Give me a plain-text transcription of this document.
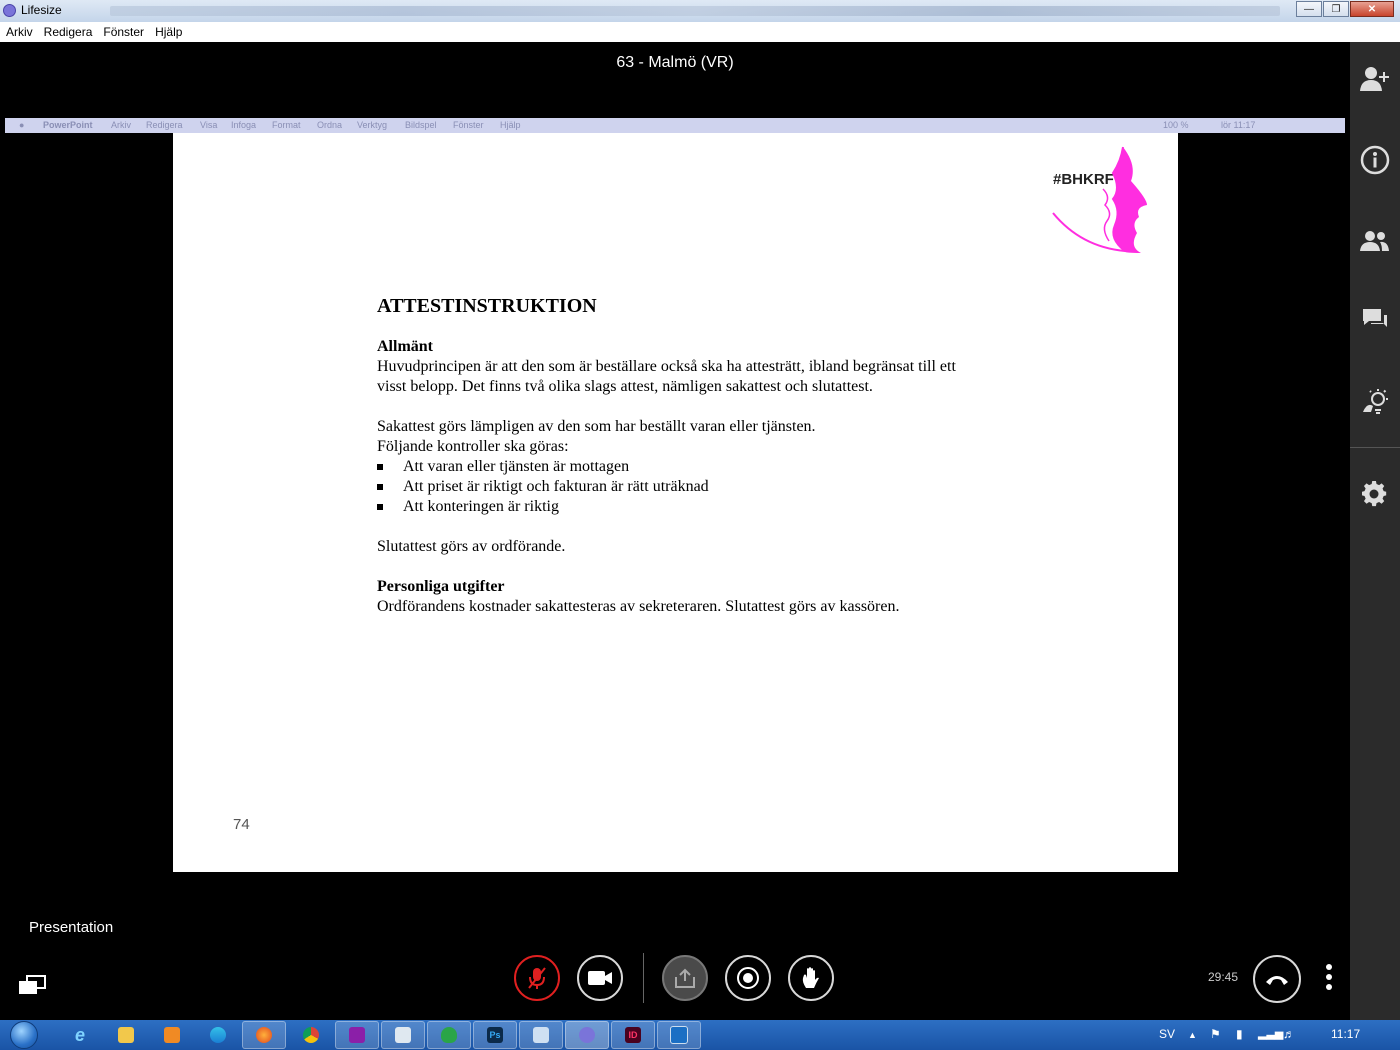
Lifesize	—	❐	✕
Arkiv Redigera Fönster Hjälp
63 - Malmö (VR)
● PowerPoint Arkiv Redigera Visa Infoga Format Ordna Verktyg Bildspel Fönster Hjälp	100 %	lör 11:17
#BHKRF
ATTESTINSTRUKTION

Allmänt

Huvudprincipen är att den som är beställare också ska ha attesträtt, ibland begränsat till ett

visst belopp. Det finns två olika slags attest, nämligen sakattest och slutattest.

Sakattest görs lämpligen av den som har beställt varan eller tjänsten.

Följande kontroller ska göras:

Att varan eller tjänsten är mottagen

Att priset är riktigt och fakturan är rätt uträknad

Att konteringen är riktig

Slutattest görs av ordförande.

Personliga utgifter

Ordförandens kostnader sakattesteras av sekreteraren. Slutattest görs av kassören.

74
Presentation
29:45
e	Ps	ID	SV ▲ ⚑ ▮ ▂▃▅ ♬	11:17
